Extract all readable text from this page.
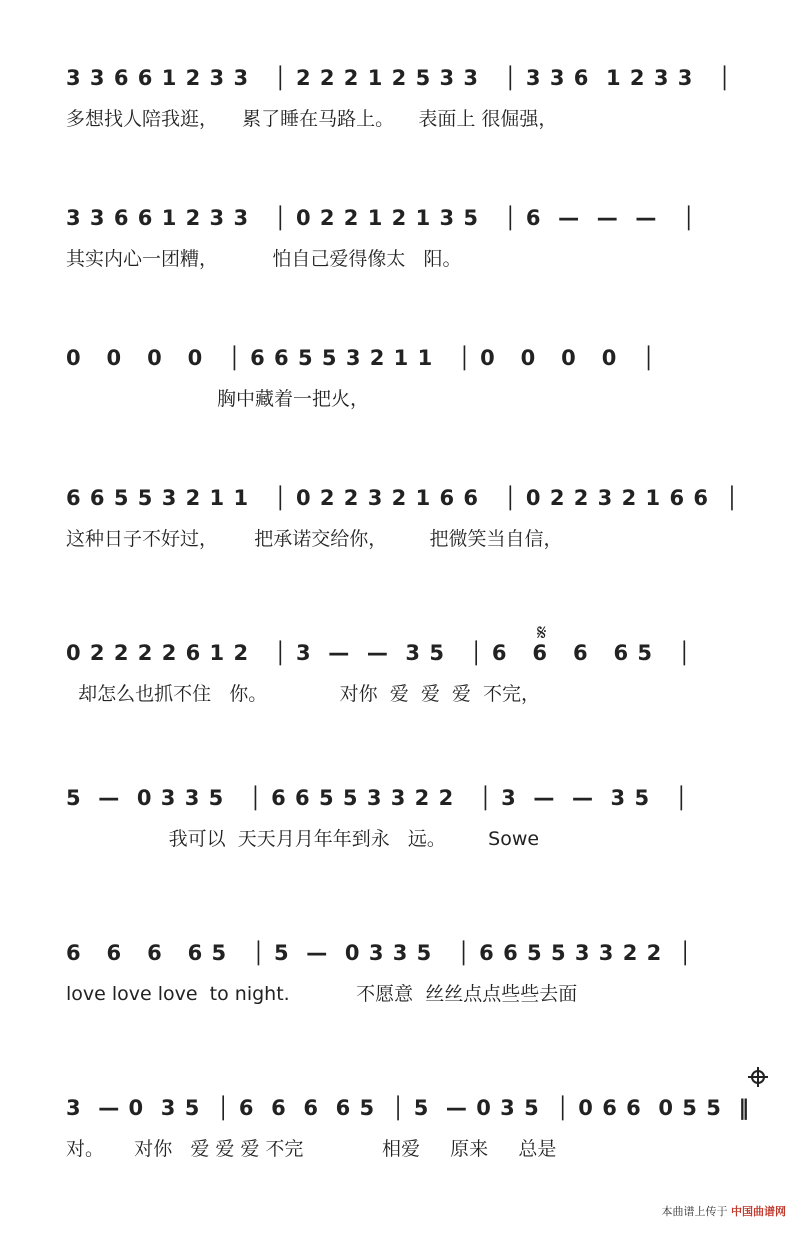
3 3 6 6 1 2 3 3   │ 2 2 2 1 2 5 3 3   │ 3 3 6  1 2 3 3   │
多想找人陪我逛，    累了睡在马路上。    表面上 很倔强，
3 3 6 6 1 2 3 3   │ 0 2 2 1 2 1 3 5   │ 6  —  —  —   │
其实内心一团糟，         怕自己爱得像太   阳。
0   0   0   0   │ 6 6 5 5 3 2 1 1   │ 0   0   0   0   │
胸中藏着一把火，
6 6 5 5 3 2 1 1   │ 0 2 2 3 2 1 6 6   │ 0 2 2 3 2 1 6 6  │
这种日子不好过，      把承诺交给你，       把微笑当自信，
0 2 2 2 2 6 1 2   │ 3  —  —  3 5   │ 6   6   6   6 5   │
却怎么也抓不住   你。            对你  爱  爱  爱  不完，
5  —  0 3 3 5   │ 6 6 5 5 3 3 2 2   │ 3  —  —  3 5   │
我可以  天天月月年年到永   远。       Sowe
6   6   6   6 5   │ 5  —  0 3 3 5   │ 6 6 5 5 3 3 2 2  │
love love love  to night.           不愿意  丝丝点点些些去面
3  — 0  3 5  │ 6  6  6  6 5  │ 5  — 0 3 5  │ 0 6 6  0 5 5  ‖
对。     对你   爱 爱 爱 不完             相爱     原来     总是
𝄋
本曲谱上传于 中国曲谱网
